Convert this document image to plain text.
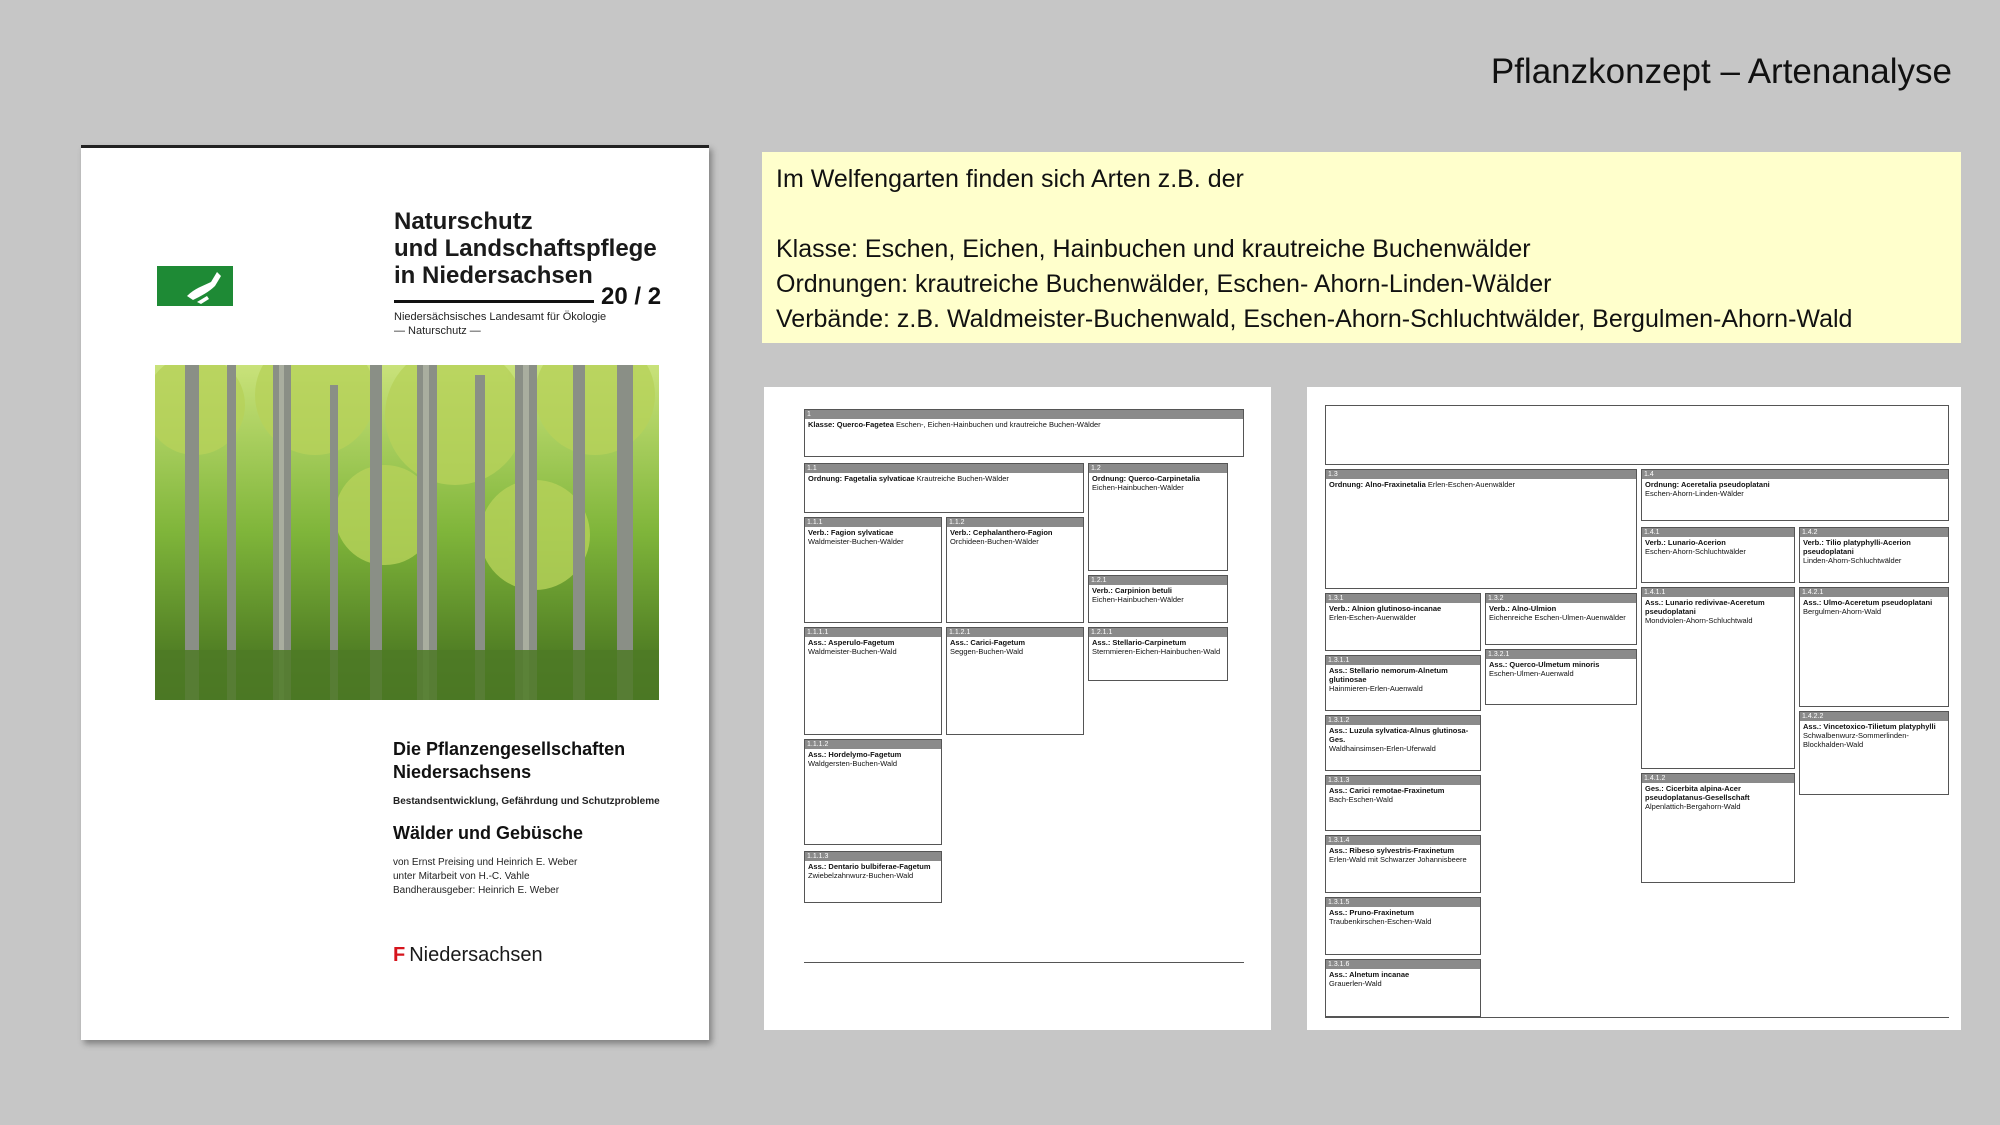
Pflanzkonzept – Artenanalyse
Naturschutz
und Landschaftspflege
in Niedersachsen
20 / 2
Niedersächsisches Landesamt für Ökologie
— Naturschutz —
Die Pflanzengesellschaften
Niedersachsens
Bestandsentwicklung, Gefährdung und Schutzprobleme
Wälder und Gebüsche
von Ernst Preising und Heinrich E. Weber
unter Mitarbeit von H.-C. Vahle
Bandherausgeber: Heinrich E. Weber
F Niedersachsen
Im Welfengarten finden sich Arten z.B. der
Klasse: Eschen, Eichen, Hainbuchen und krautreiche Buchenwälder
Ordnungen: krautreiche Buchenwälder, Eschen- Ahorn-Linden-Wälder
Verbände: z.B. Waldmeister-Buchenwald, Eschen-Ahorn-Schluchtwälder, Bergulmen-Ahorn-Wald
1
Klasse: Querco-Fagetea Eschen-, Eichen-Hainbuchen und krautreiche Buchen-Wälder
1.1
Ordnung: Fagetalia sylvaticae Krautreiche Buchen-Wälder
1.2
Ordnung: Querco-Carpinetalia
Eichen-Hainbuchen-Wälder
1.1.1
Verb.: Fagion sylvaticae
Waldmeister-Buchen-Wälder
1.1.2
Verb.: Cephalanthero-Fagion
Orchideen-Buchen-Wälder
1.2.1
Verb.: Carpinion betuli
Eichen-Hainbuchen-Wälder
1.1.1.1
Ass.: Asperulo-Fagetum
Waldmeister-Buchen-Wald
1.1.2.1
Ass.: Carici-Fagetum
Seggen-Buchen-Wald
1.2.1.1
Ass.: Stellario-Carpinetum
Sternmieren-Eichen-Hainbuchen-Wald
1.1.1.2
Ass.: Hordelymo-Fagetum
Waldgersten-Buchen-Wald
1.1.1.3
Ass.: Dentario bulbiferae-Fagetum
Zwiebelzahnwurz-Buchen-Wald
1.3
Ordnung: Alno-Fraxinetalia Erlen-Eschen-Auenwälder
1.4
Ordnung: Aceretalia pseudoplatani
Eschen-Ahorn-Linden-Wälder
1.4.1
Verb.: Lunario-Acerion
Eschen-Ahorn-Schluchtwälder
1.4.2
Verb.: Tilio platyphylli-Acerion pseudoplatani
Linden-Ahorn-Schluchtwälder
1.3.1
Verb.: Alnion glutinoso-incanae
Erlen-Eschen-Auenwälder
1.3.2
Verb.: Alno-Ulmion
Eichenreiche Eschen-Ulmen-Auenwälder
1.4.1.1
Ass.: Lunario redivivae-Aceretum pseudoplatani
Mondviolen-Ahorn-Schluchtwald
1.4.2.1
Ass.: Ulmo-Aceretum pseudoplatani
Bergulmen-Ahorn-Wald
1.3.1.1
Ass.: Stellario nemorum-Alnetum glutinosae
Hainmieren-Erlen-Auenwald
1.3.2.1
Ass.: Querco-Ulmetum minoris
Eschen-Ulmen-Auenwald
1.3.1.2
Ass.: Luzula sylvatica-Alnus glutinosa-Ges.
Waldhainsimsen-Erlen-Uferwald
1.4.2.2
Ass.: Vincetoxico-Tilietum platyphylli
Schwalbenwurz-Sommerlinden-Blockhalden-Wald
1.3.1.3
Ass.: Carici remotae-Fraxinetum
Bach-Eschen-Wald
1.4.1.2
Ges.: Cicerbita alpina-Acer pseudoplatanus-Gesellschaft
Alpenlattich-Bergahorn-Wald
1.3.1.4
Ass.: Ribeso sylvestris-Fraxinetum
Erlen-Wald mit Schwarzer Johannisbeere
1.3.1.5
Ass.: Pruno-Fraxinetum
Traubenkirschen-Eschen-Wald
1.3.1.6
Ass.: Alnetum incanae
Grauerlen-Wald
